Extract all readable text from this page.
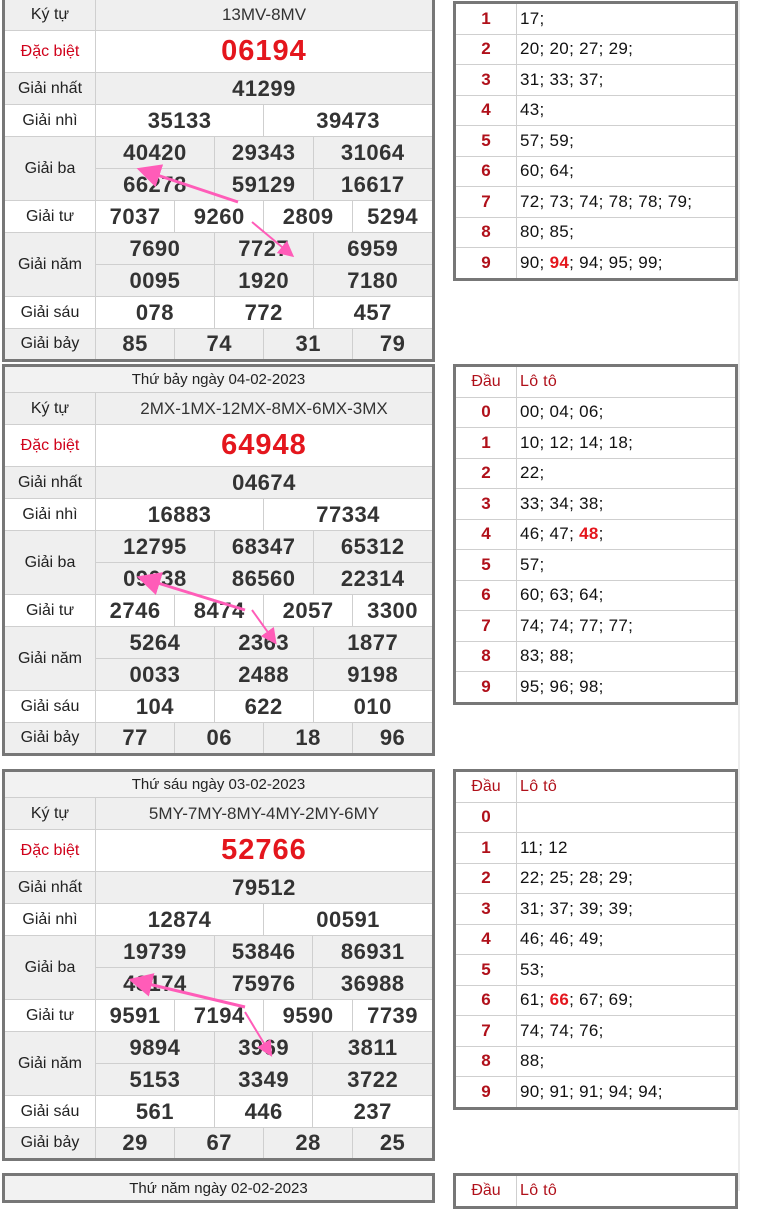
Ký tự	13MV-8MV					
Đặc biệt	06194					
Giải nhất	41299					
Giải nhì	35133			39473		
Giải ba	40420		29343		31064	
	66278		59129		16617	
Giải tư	7037	9260		2809		5294
Giải năm	7690		7727		6959	
	0095		1920		7180	
Giải sáu	078		772		457	
Giải bảy	85	74		31		79
1	17;
2	20; 20; 27; 29;
3	31; 33; 37;
4	43;
5	57; 59;
6	60; 64;
7	72; 73; 74; 78; 78; 79;
8	80; 85;
9	90; 94; 94; 95; 99;
Thứ bảy ngày 04-02-2023						
Ký tự	2MX-1MX-12MX-8MX-6MX-3MX					
Đặc biệt	64948					
Giải nhất	04674					
Giải nhì	16883			77334		
Giải ba	12795		68347		65312	
	09038		86560		22314	
Giải tư	2746	8474		2057		3300
Giải năm	5264		2363		1877	
	0033		2488		9198	
Giải sáu	104		622		010	
Giải bảy	77	06		18		96
Đầu	Lô tô
0	00; 04; 06;
1	10; 12; 14; 18;
2	22;
3	33; 34; 38;
4	46; 47; 48;
5	57;
6	60; 63; 64;
7	74; 74; 77; 77;
8	83; 88;
9	95; 96; 98;
Thứ sáu ngày 03-02-2023						
Ký tự	5MY-7MY-8MY-4MY-2MY-6MY					
Đặc biệt	52766					
Giải nhất	79512					
Giải nhì	12874			00591		
Giải ba	19739		53846		86931	
	48174		75976		36988	
Giải tư	9591	7194		9590		7739
Giải năm	9894		3969		3811	
	5153		3349		3722	
Giải sáu	561		446		237	
Giải bảy	29	67		28		25
Đầu	Lô tô
0	
1	11; 12
2	22; 25; 28; 29;
3	31; 37; 39; 39;
4	46; 46; 49;
5	53;
6	61; 66; 67; 69;
7	74; 74; 76;
8	88;
9	90; 91; 91; 94; 94;
Thứ năm ngày 02-02-2023	Đầu	Lô tô
